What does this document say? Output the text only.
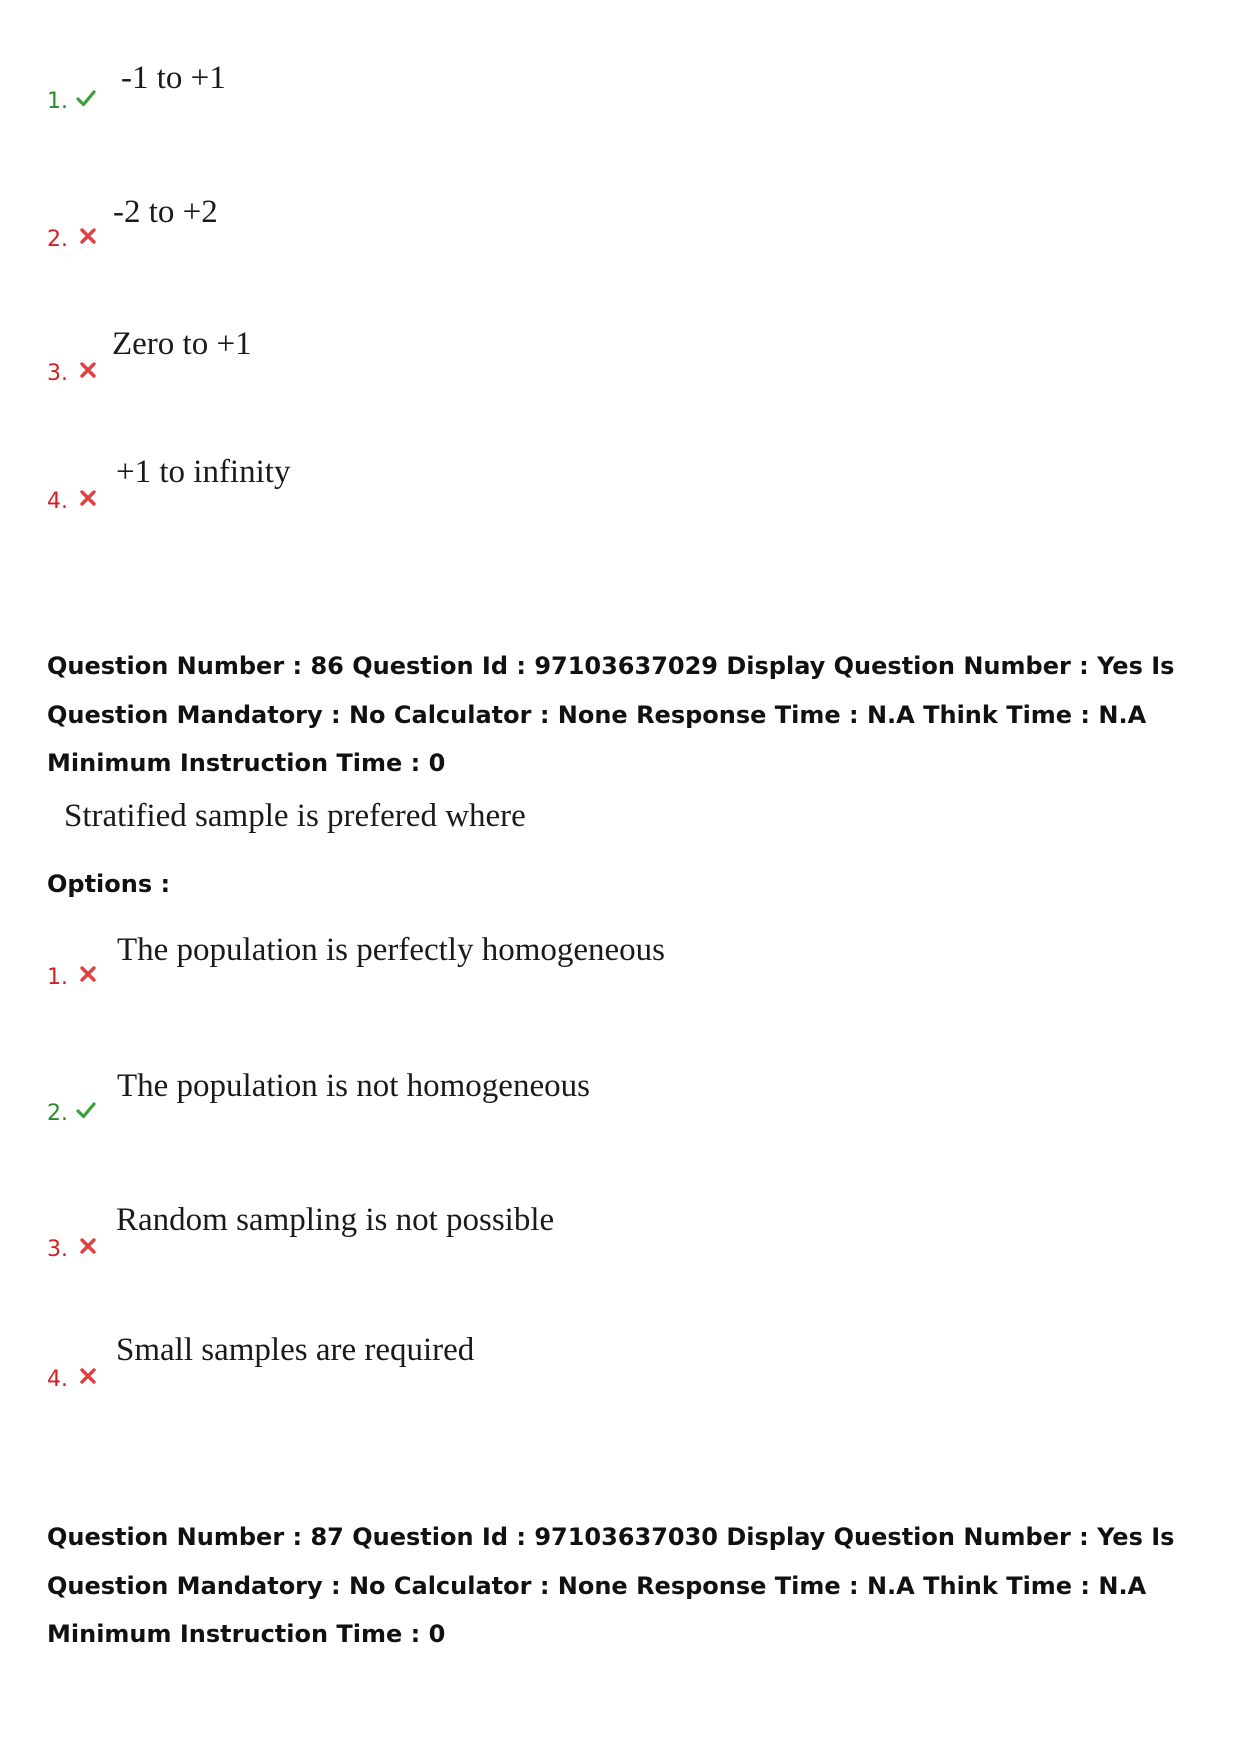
1.
-1 to +1
2.
-2 to +2
3.
Zero to +1
4.
+1 to infinity
Question Number : 86 Question Id : 97103637029 Display Question Number : Yes Is Question Mandatory : No Calculator : None Response Time : N.A Think Time : N.A Minimum Instruction Time : 0
Stratified sample is prefered where
Options :
1.
The population is perfectly homogeneous
2.
The population is not homogeneous
3.
Random sampling is not possible
4.
Small samples are required
Question Number : 87 Question Id : 97103637030 Display Question Number : Yes Is Question Mandatory : No Calculator : None Response Time : N.A Think Time : N.A Minimum Instruction Time : 0
